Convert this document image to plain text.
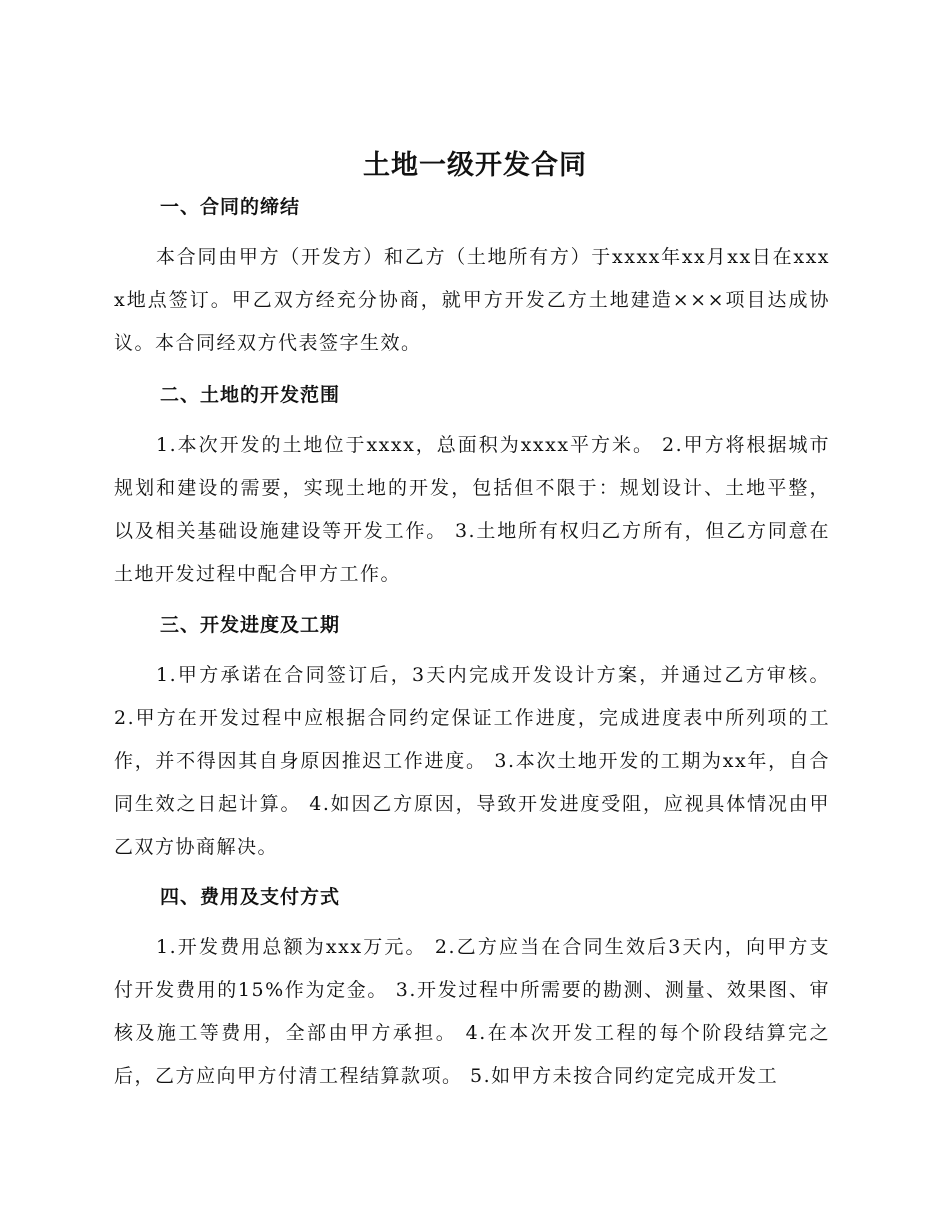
土地一级开发合同
一、合同的缔结

本合同由甲方（开发方）和乙方（土地所有方）于xxxx年xx月xx日在xxxx地点签订。甲乙双方经充分协商，就甲方开发乙方土地建造×××项目达成协议。本合同经双方代表签字生效。

二、土地的开发范围

1.本次开发的土地位于xxxx，总面积为xxxx平方米。 2.甲方将根据城市规划和建设的需要，实现土地的开发，包括但不限于：规划设计、土地平整，以及相关基础设施建设等开发工作。 3.土地所有权归乙方所有，但乙方同意在土地开发过程中配合甲方工作。

三、开发进度及工期

1.甲方承诺在合同签订后，3天内完成开发设计方案，并通过乙方审核。 2.甲方在开发过程中应根据合同约定保证工作进度，完成进度表中所列项的工作，并不得因其自身原因推迟工作进度。 3.本次土地开发的工期为xx年，自合同生效之日起计算。 4.如因乙方原因，导致开发进度受阻，应视具体情况由甲乙双方协商解决。

四、费用及支付方式

1.开发费用总额为xxx万元。 2.乙方应当在合同生效后3天内，向甲方支付开发费用的15%作为定金。 3.开发过程中所需要的勘测、测量、效果图、审核及施工等费用，全部由甲方承担。 4.在本次开发工程的每个阶段结算完之后，乙方应向甲方付清工程结算款项。 5.如甲方未按合同约定完成开发工
